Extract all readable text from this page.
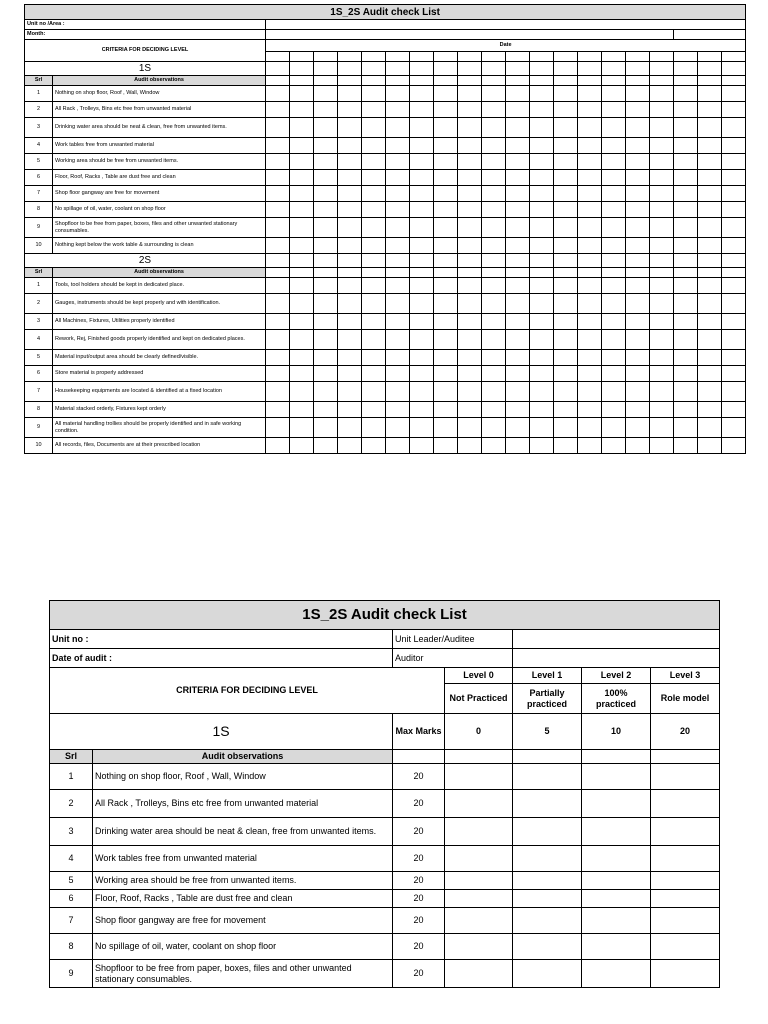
1S_2S Audit check List																					
Unit no /Area :																					
Month:																					
CRITERIA FOR DECIDING LEVEL		Date																			

1S																					
Srl	Audit observations																				
1	Nothing on shop floor, Roof , Wall, Window																				
2	All Rack , Trolleys, Bins etc free from unwanted material																				
3	Drinking water area should be neat & clean, free from unwanted items.																				
4	Work tables free from unwanted material																				
5	Working area should be free from unwanted items.																				
6	Floor, Roof, Racks , Table are dust free and clean																				
7	Shop floor gangway are free for movement																				
8	No spillage of oil, water, coolant on shop floor																				
9	Shopfloor to be free from paper, boxes, files and other unwanted stationary consumables.																				
10	Nothing kept below the work table & surrounding is clean																				
2S																					
Srl	Audit observations																				
1	Tools, tool holders should be kept in dedicated place.																				
2	Gauges, instruments should be kept properly and with identification.																				
3	All Machines, Fixtures, Utilities properly identified																				
4	Rework, Rej, Finished goods properly identified and kept on dedicated places.																				
5	Material input/output area should be clearly defined/visible.																				
6	Store material is properly addressed																				
7	Housekeeping equipments are located & identified at a fixed location																				
8	Material stacked orderly, Fixtures kept orderly																				
9	All material handling trollies should be properly identified and in safe working condition.																				
10	All records, files, Documents are at their prescribed location																				
1S_2S Audit check List						
Unit no :		Unit Leader/Auditee				
Date of audit :		Auditor				
CRITERIA FOR DECIDING LEVEL			Level 0	Level 1	Level 2	Level 3
			Not Practiced	Partially practiced	100% practiced	Role model
1S		Max Marks	0	5	10	20
Srl	Audit observations					
1	Nothing on shop floor, Roof , Wall, Window	20				
2	All Rack , Trolleys, Bins etc free from unwanted material	20				
3	Drinking water area should be neat & clean, free from unwanted items.	20				
4	Work tables free from unwanted material	20				
5	Working area should be free from unwanted items.	20				
6	Floor, Roof, Racks , Table are dust free and clean	20				
7	Shop floor gangway are free for movement	20				
8	No spillage of oil, water, coolant on shop floor	20				
9	Shopfloor to be free from paper, boxes, files and other unwanted stationary consumables.	20				
